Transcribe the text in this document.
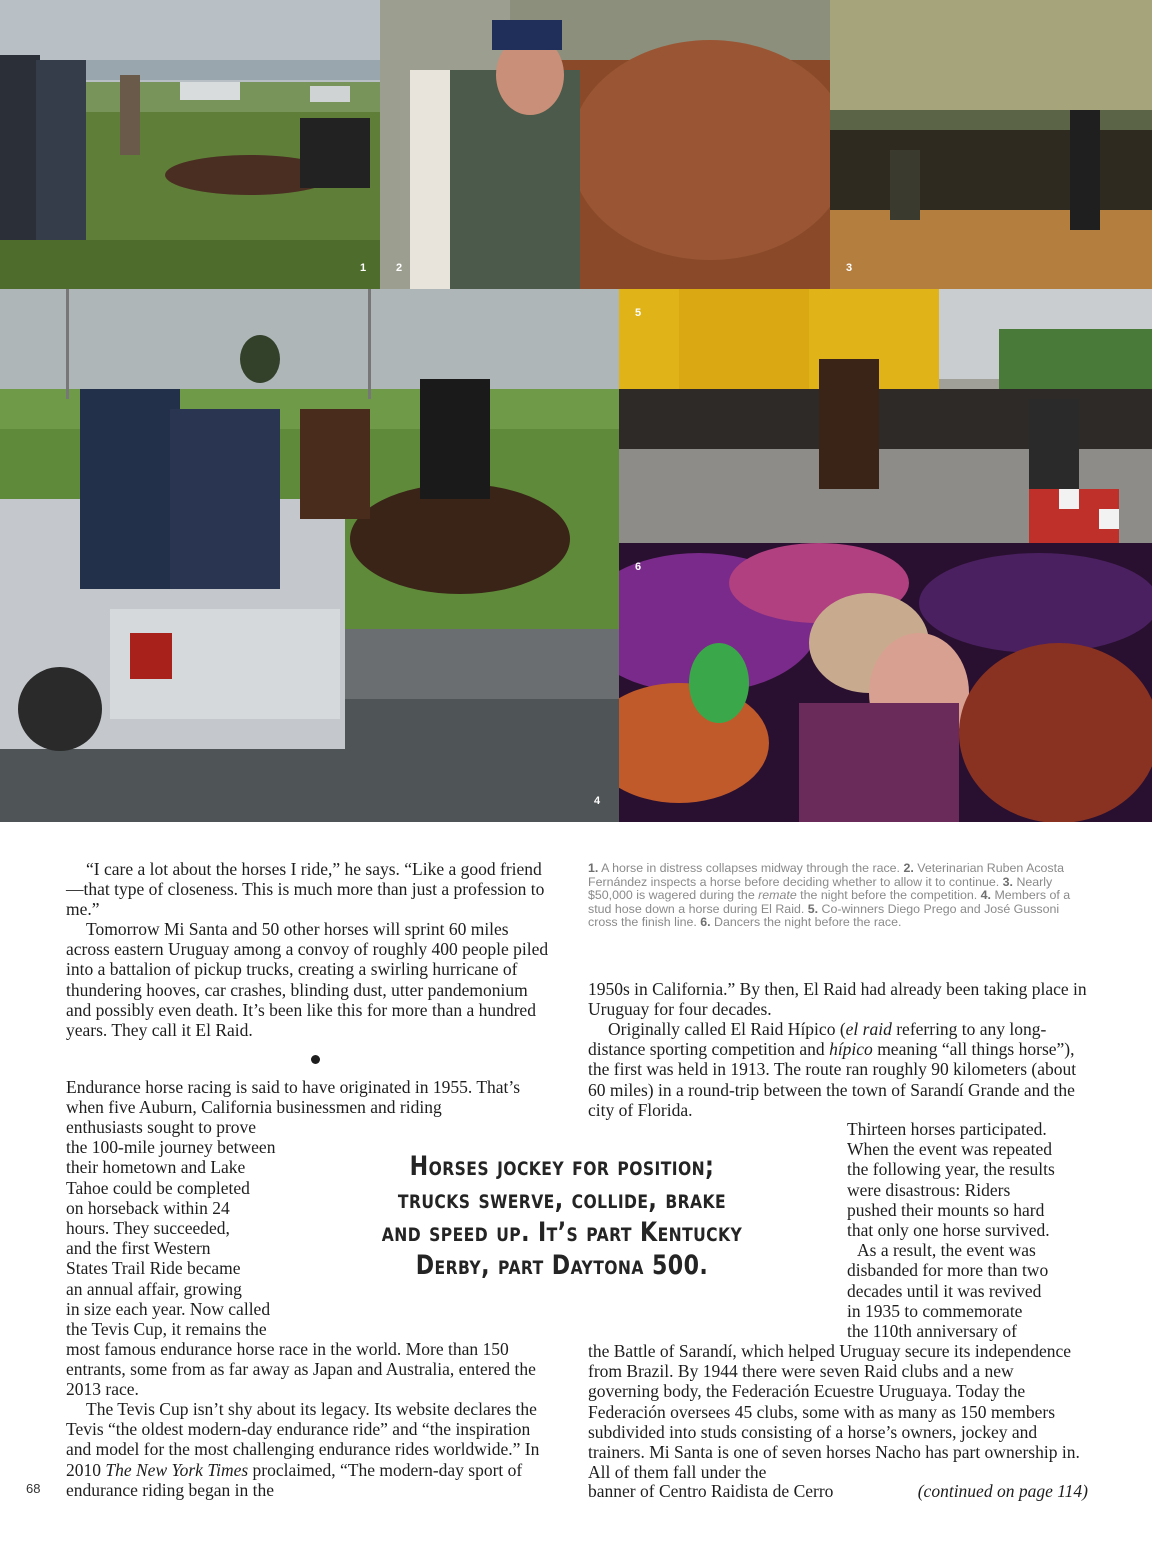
1	2	3
4
5
6

1. A horse in distress collapses midway through the race. 2. Veterinarian Ruben Acosta Fernández inspects a horse before deciding whether to allow it to continue. 3. Nearly $50,000 is wagered during the remate the night before the competition. 4. Members of a stud hose down a horse during El Raid. 5. Co-winners Diego Prego and José Gussoni cross the finish line. 6. Dancers the night before the race.

“I care a lot about the horses I ride,” he says. “Like a good friend—that type of closeness. This is much more than just a profession to me.”

Tomorrow Mi Santa and 50 other horses will sprint 60 miles across eastern Uruguay among a convoy of roughly 400 people piled into a battalion of pickup trucks, creating a swirling hurricane of thundering hooves, car crashes, blinding dust, utter pandemonium and possibly even death. It’s been like this for more than a hundred years. They call it El Raid.

Endurance horse racing is said to have originated in 1955. That’s when five Auburn, California businessmen and riding

enthusiasts sought to prove
the 100-mile journey between
their hometown and Lake
Tahoe could be completed
on horseback within 24
hours. They succeeded,
and the first Western
States Trail Ride became
an annual affair, growing
in size each year. Now called
the Tevis Cup, it remains the

most famous endurance horse race in the world. More than 150 entrants, some from as far away as Japan and Australia, entered the 2013 race.

The Tevis Cup isn’t shy about its legacy. Its website declares the Tevis “the oldest modern-day endurance ride” and “the inspiration and model for the most challenging endurance rides worldwide.” In 2010 The New York Times proclaimed, “The modern-day sport of endurance riding began in the

1950s in California.” By then, El Raid had already been taking place in Uruguay for four decades.

Originally called El Raid Hípico (el raid referring to any long-distance sporting competition and hípico meaning “all things horse”), the first was held in 1913. The route ran roughly 90 kilometers (about 60 miles) in a round-trip between the town of Sarandí Grande and the city of Florida.

Thirteen horses participated.
When the event was repeated
the following year, the results
were disastrous: Riders
pushed their mounts so hard
that only one horse survived.
As a result, the event was
disbanded for more than two
decades until it was revived
in 1935 to commemorate
the 110th anniversary of

the Battle of Sarandí, which helped Uruguay secure its independence from Brazil. By 1944 there were seven Raid clubs and a new governing body, the Federación Ecuestre Uruguaya. Today the Federación oversees 45 clubs, some with as many as 150 members subdivided into studs consisting of a horse’s owners, jockey and trainers. Mi Santa is one of seven horses Nacho has part ownership in. All of them fall under the

banner of Centro Raidista de Cerro	(continued on page 114)

Horses jockey for position;
trucks swerve, collide, brake
and speed up. It’s part Kentucky
Derby, part Daytona 500.
68
